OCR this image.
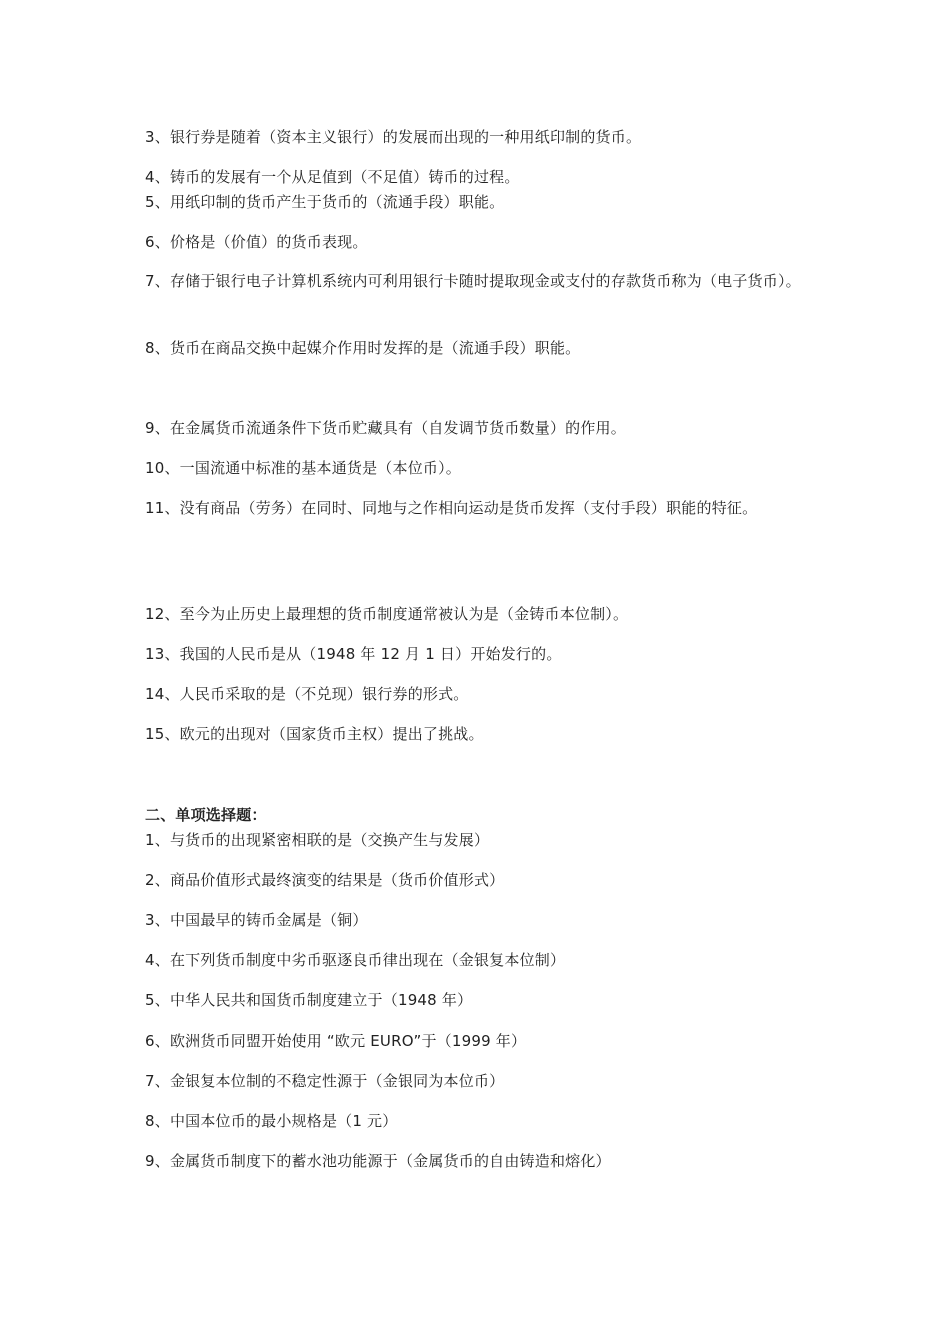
3、银行券是随着（资本主义银行）的发展而出现的一种用纸印制的货币。
4、铸币的发展有一个从足值到（不足值）铸币的过程。
5、用纸印制的货币产生于货币的（流通手段）职能。
6、价格是（价值）的货币表现。
7、存储于银行电子计算机系统内可利用银行卡随时提取现金或支付的存款货币称为（电子货币）。
8、货币在商品交换中起媒介作用时发挥的是（流通手段）职能。
9、在金属货币流通条件下货币贮藏具有（自发调节货币数量）的作用。
10、一国流通中标准的基本通货是（本位币）。
11、没有商品（劳务）在同时、同地与之作相向运动是货币发挥（支付手段）职能的特征。
12、至今为止历史上最理想的货币制度通常被认为是（金铸币本位制）。
13、我国的人民币是从（1948 年 12 月 1 日）开始发行的。
14、人民币采取的是（不兑现）银行券的形式。
15、欧元的出现对（国家货币主权）提出了挑战。
二、单项选择题：
1、与货币的出现紧密相联的是（交换产生与发展）
2、商品价值形式最终演变的结果是（货币价值形式）
3、中国最早的铸币金属是（铜）
4、在下列货币制度中劣币驱逐良币律出现在（金银复本位制）
5、中华人民共和国货币制度建立于（1948 年）
6、欧洲货币同盟开始使用 “欧元 EURO”于（1999 年）
7、金银复本位制的不稳定性源于（金银同为本位币）
8、中国本位币的最小规格是（1 元）
9、金属货币制度下的蓄水池功能源于（金属货币的自由铸造和熔化）
